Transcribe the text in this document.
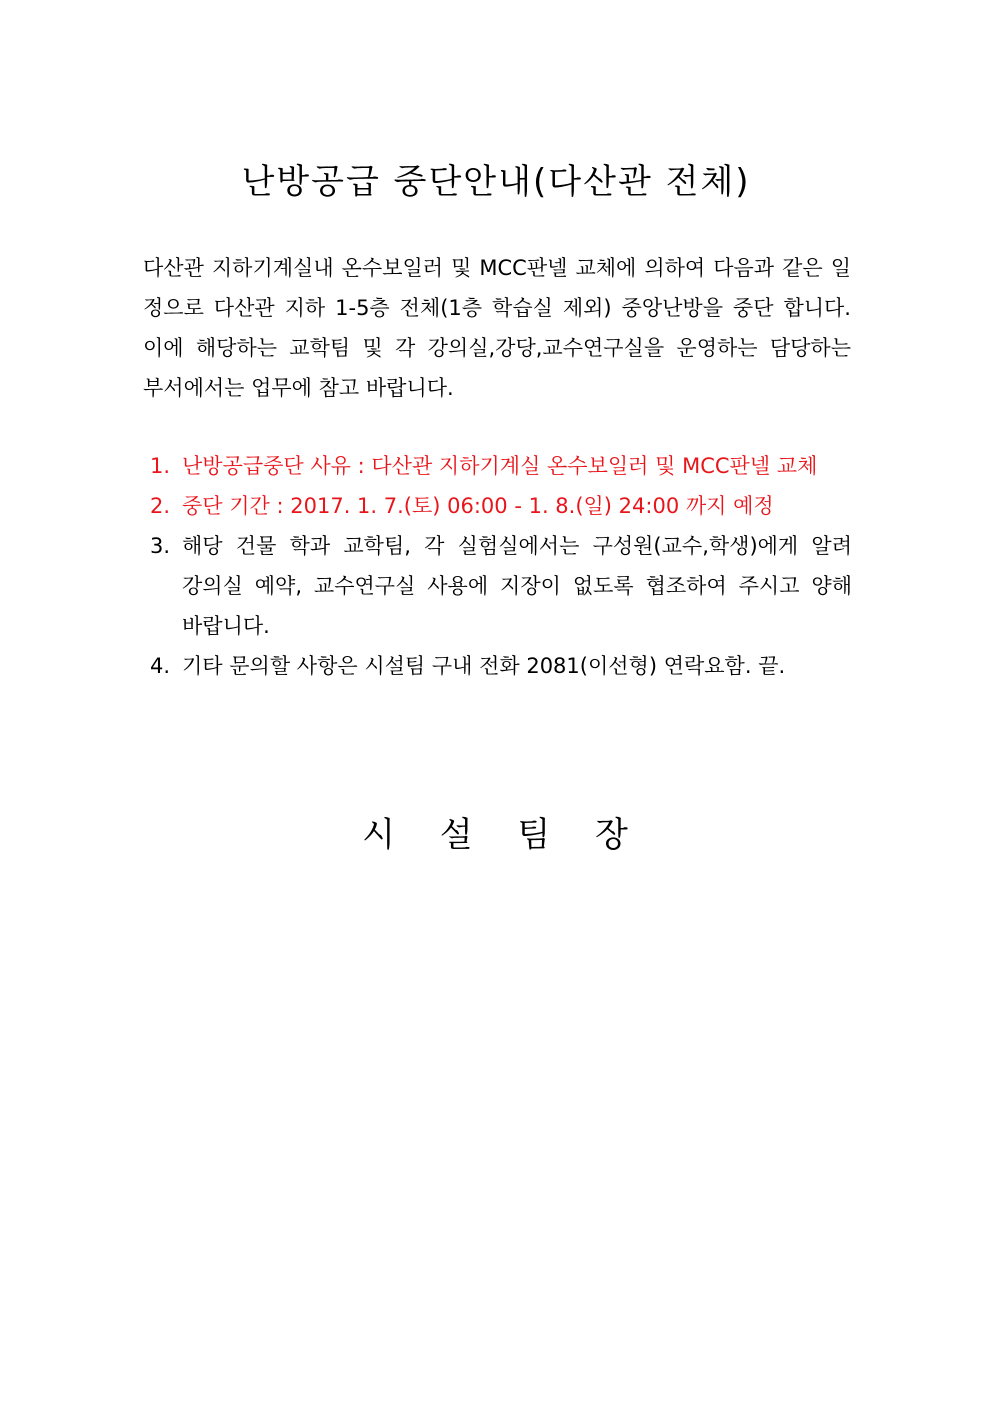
난방공급 중단안내(다산관 전체)
다산관 지하기계실내 온수보일러 및 MCC판넬 교체에 의하여 다음과 같은 일
정으로 다산관 지하 1-5층 전체(1층 학습실 제외) 중앙난방을 중단 합니다.
이에 해당하는 교학팀 및 각 강의실,강당,교수연구실을 운영하는 담당하는
부서에서는 업무에 참고 바랍니다.
1. 난방공급중단 사유 : 다산관 지하기계실 온수보일러 및 MCC판넬 교체
2. 중단 기간 : 2017. 1. 7.(토) 06:00 - 1. 8.(일) 24:00 까지 예정
3. 해당 건물 학과 교학팀, 각 실험실에서는 구성원(교수,학생)에게 알려
강의실 예약, 교수연구실 사용에 지장이 없도록 협조하여 주시고 양해
바랍니다.
4. 기타 문의할 사항은 시설팀 구내 전화 2081(이선형) 연락요함. 끝.
시 설 팀 장
